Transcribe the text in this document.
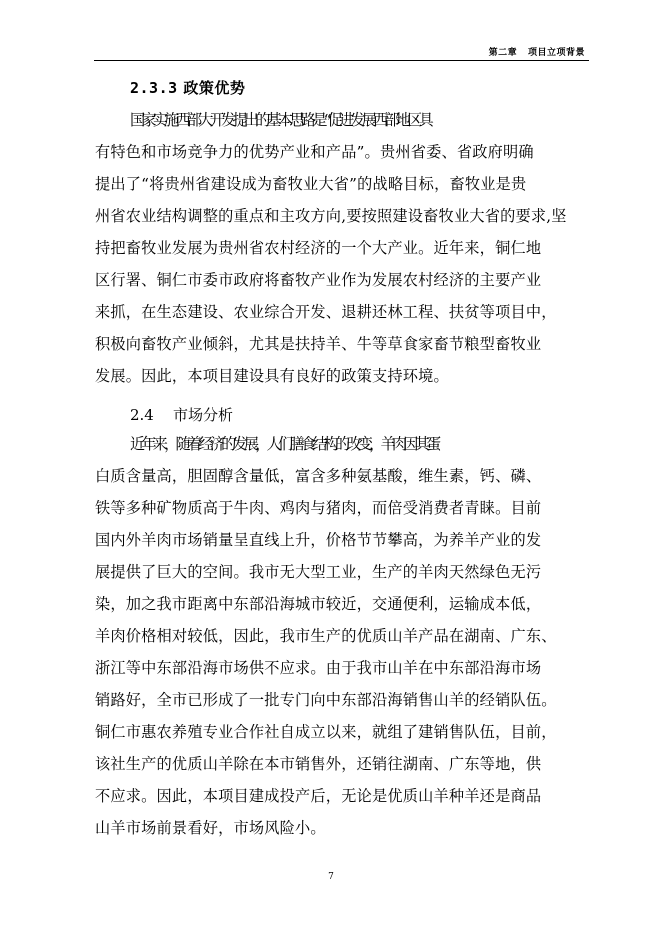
第二章 项目立项背景
2.3.3 政策优势
国家实施西部大开发提出的基本思路是“促进发展西部地区具
有特色和市场竞争力的优势产业和产品”。贵州省委、省政府明确
提出了“将贵州省建设成为畜牧业大省”的战略目标，畜牧业是贵
州省农业结构调整的重点和主攻方向,要按照建设畜牧业大省的要求,坚
持把畜牧业发展为贵州省农村经济的一个大产业。近年来，铜仁地
区行署、铜仁市委市政府将畜牧产业作为发展农村经济的主要产业
来抓，在生态建设、农业综合开发、退耕还林工程、扶贫等项目中，
积极向畜牧产业倾斜，尤其是扶持羊、牛等草食家畜节粮型畜牧业
发展。因此，本项目建设具有良好的政策支持环境。
2.4 市场分析
近年来，随着经济的发展，人们膳食结构的改变，羊肉因其蛋
白质含量高，胆固醇含量低，富含多种氨基酸，维生素，钙、磷、
铁等多种矿物质高于牛肉、鸡肉与猪肉，而倍受消费者青睐。目前
国内外羊肉市场销量呈直线上升，价格节节攀高，为养羊产业的发
展提供了巨大的空间。我市无大型工业，生产的羊肉天然绿色无污
染，加之我市距离中东部沿海城市较近，交通便利，运输成本低，
羊肉价格相对较低，因此，我市生产的优质山羊产品在湖南、广东、
浙江等中东部沿海市场供不应求。由于我市山羊在中东部沿海市场
销路好，全市已形成了一批专门向中东部沿海销售山羊的经销队伍。
铜仁市惠农养殖专业合作社自成立以来，就组了建销售队伍，目前，
该社生产的优质山羊除在本市销售外，还销往湖南、广东等地，供
不应求。因此，本项目建成投产后，无论是优质山羊种羊还是商品
山羊市场前景看好，市场风险小。
7
